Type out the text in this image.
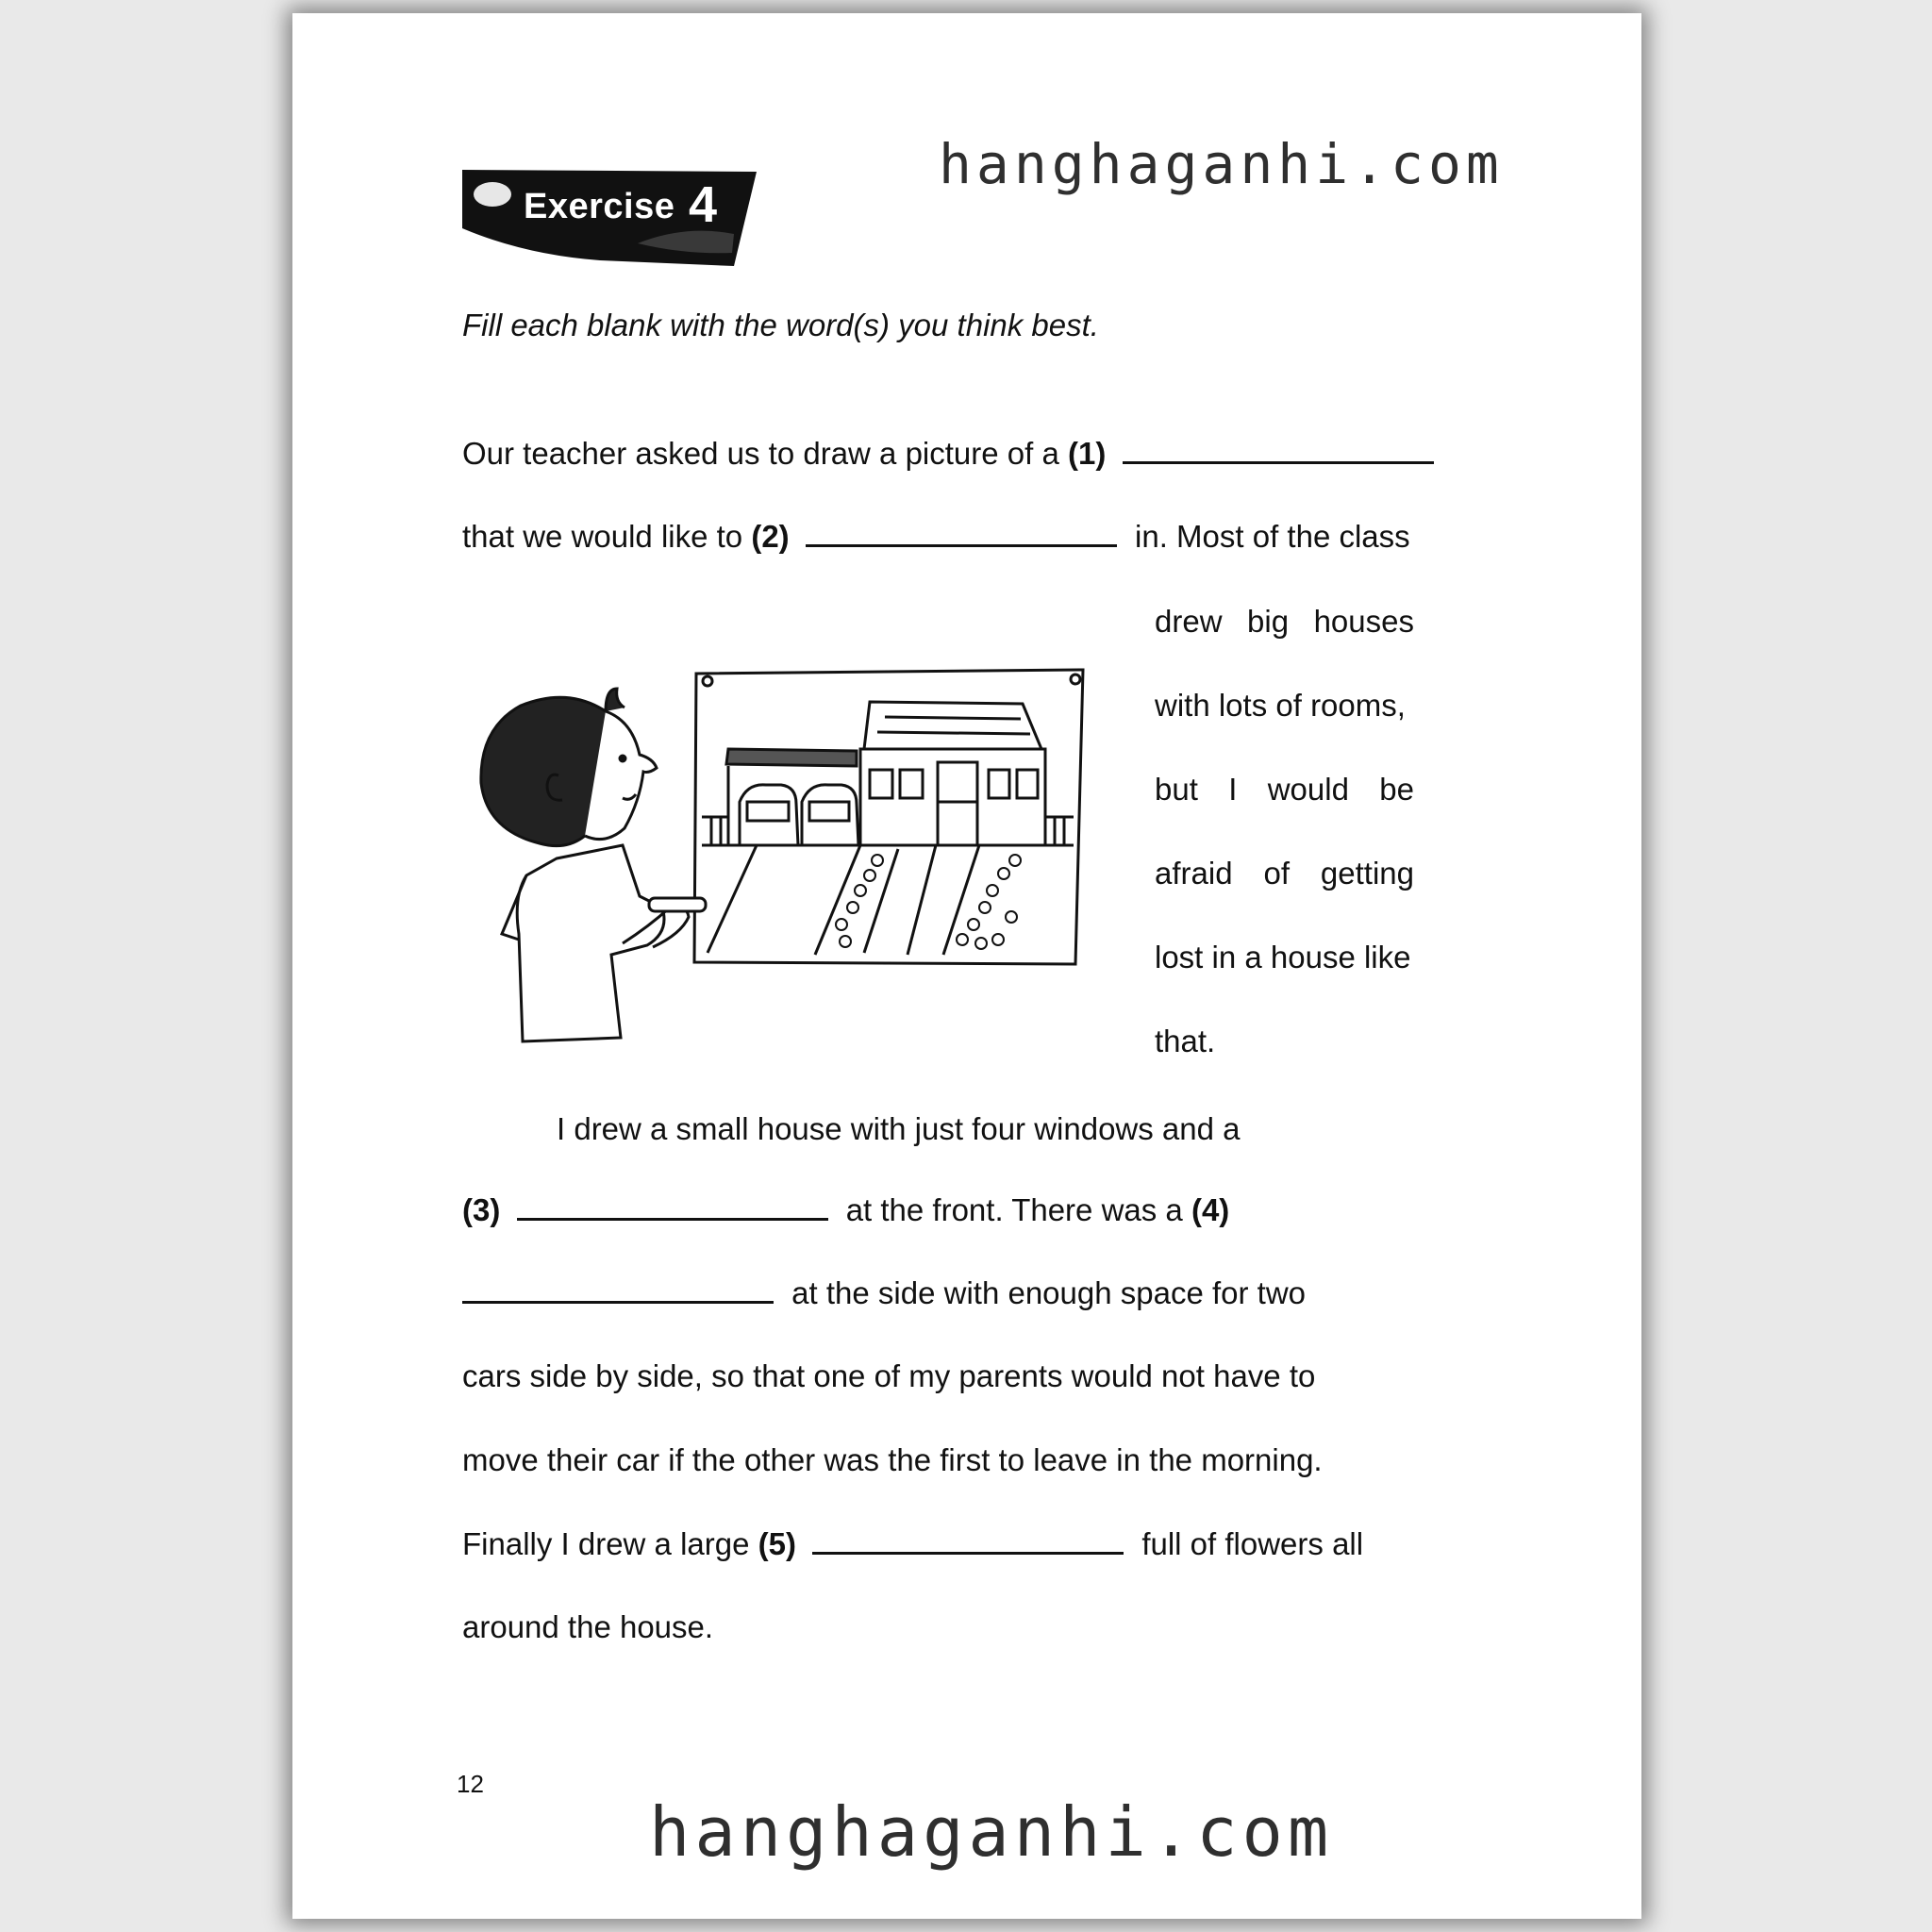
hanghaganhi.com
Exercise 4
Fill each blank with the word(s) you think best.
Our teacher asked us to draw a picture of a (1)
that we would like to (2)	in. Most of the class
drew big houses
with lots of rooms,
but I would be
afraid of getting
lost in a house like
that.
I drew a small house with just four windows and a
(3)	at the front. There was a (4)
at the side with enough space for two
cars side by side, so that one of my parents would not have to
move their car if the other was the first to leave in the morning.
Finally I drew a large (5)	full of flowers all
around the house.
12
hanghaganhi.com
